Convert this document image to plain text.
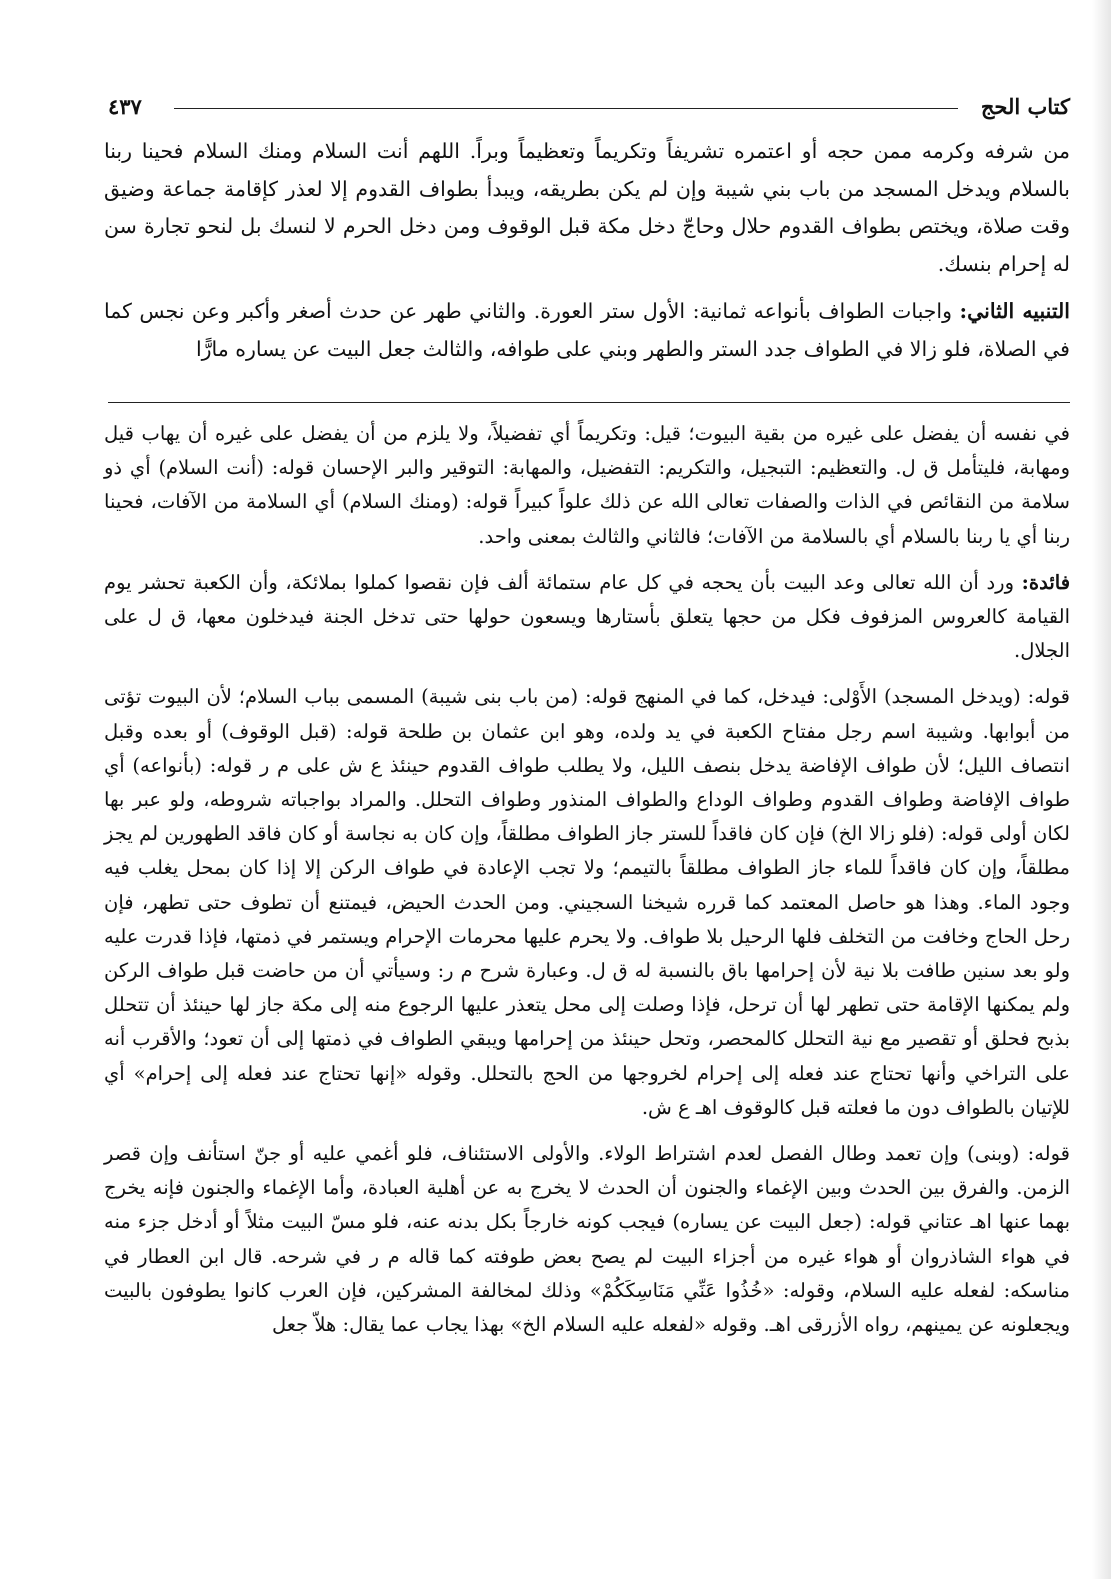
كتاب الحج
٤٣٧

من شرفه وكرمه ممن حجه أو اعتمره تشريفاً وتكريماً وتعظيماً وبراً. اللهم أنت السلام ومنك السلام فحينا ربنا بالسلام ويدخل المسجد من باب بني شيبة وإن لم يكن بطريقه، ويبدأ بطواف القدوم إلا لعذر كإقامة جماعة وضيق وقت صلاة، ويختص بطواف القدوم حلال وحاجّ دخل مكة قبل الوقوف ومن دخل الحرم لا لنسك بل لنحو تجارة سن له إحرام بنسك.

التنبيه الثاني: واجبات الطواف بأنواعه ثمانية: الأول ستر العورة. والثاني طهر عن حدث أصغر وأكبر وعن نجس كما في الصلاة، فلو زالا في الطواف جدد الستر والطهر وبني على طوافه، والثالث جعل البيت عن يساره مارًّا

في نفسه أن يفضل على غيره من بقية البيوت؛ قيل: وتكريماً أي تفضيلاً، ولا يلزم من أن يفضل على غيره أن يهاب قيل ومهابة، فليتأمل ق ل. والتعظيم: التبجيل، والتكريم: التفضيل، والمهابة: التوقير والبر الإحسان قوله: (أنت السلام) أي ذو سلامة من النقائص في الذات والصفات تعالى الله عن ذلك علواً كبيراً قوله: (ومنك السلام) أي السلامة من الآفات، فحينا ربنا أي يا ربنا بالسلام أي بالسلامة من الآفات؛ فالثاني والثالث بمعنى واحد.

فائدة: ورد أن الله تعالى وعد البيت بأن يحجه في كل عام ستمائة ألف فإن نقصوا كملوا بملائكة، وأن الكعبة تحشر يوم القيامة كالعروس المزفوف فكل من حجها يتعلق بأستارها ويسعون حولها حتى تدخل الجنة فيدخلون معها، ق ل على الجلال.

قوله: (ويدخل المسجد) الأَوْلى: فيدخل، كما في المنهج قوله: (من باب بنى شيبة) المسمى بباب السلام؛ لأن البيوت تؤتى من أبوابها. وشيبة اسم رجل مفتاح الكعبة في يد ولده، وهو ابن عثمان بن طلحة قوله: (قبل الوقوف) أو بعده وقبل انتصاف الليل؛ لأن طواف الإفاضة يدخل بنصف الليل، ولا يطلب طواف القدوم حينئذ ع ش على م ر قوله: (بأنواعه) أي طواف الإفاضة وطواف القدوم وطواف الوداع والطواف المنذور وطواف التحلل. والمراد بواجباته شروطه، ولو عبر بها لكان أولى قوله: (فلو زالا الخ) فإن كان فاقداً للستر جاز الطواف مطلقاً، وإن كان به نجاسة أو كان فاقد الطهورين لم يجز مطلقاً، وإن كان فاقداً للماء جاز الطواف مطلقاً بالتيمم؛ ولا تجب الإعادة في طواف الركن إلا إذا كان بمحل يغلب فيه وجود الماء. وهذا هو حاصل المعتمد كما قرره شيخنا السجيني. ومن الحدث الحيض، فيمتنع أن تطوف حتى تطهر، فإن رحل الحاج وخافت من التخلف فلها الرحيل بلا طواف. ولا يحرم عليها محرمات الإحرام ويستمر في ذمتها، فإذا قدرت عليه ولو بعد سنين طافت بلا نية لأن إحرامها باق بالنسبة له ق ل. وعبارة شرح م ر: وسيأتي أن من حاضت قبل طواف الركن ولم يمكنها الإقامة حتى تطهر لها أن ترحل، فإذا وصلت إلى محل يتعذر عليها الرجوع منه إلى مكة جاز لها حينئذ أن تتحلل بذبح فحلق أو تقصير مع نية التحلل كالمحصر، وتحل حينئذ من إحرامها ويبقي الطواف في ذمتها إلى أن تعود؛ والأقرب أنه على التراخي وأنها تحتاج عند فعله إلى إحرام لخروجها من الحج بالتحلل. وقوله «إنها تحتاج عند فعله إلى إحرام» أي للإتيان بالطواف دون ما فعلته قبل كالوقوف اهـ ع ش.

قوله: (وبنى) وإن تعمد وطال الفصل لعدم اشتراط الولاء. والأولى الاستئناف، فلو أغمي عليه أو جنّ استأنف وإن قصر الزمن. والفرق بين الحدث وبين الإغماء والجنون أن الحدث لا يخرج به عن أهلية العبادة، وأما الإغماء والجنون فإنه يخرج بهما عنها اهـ عتاني قوله: (جعل البيت عن يساره) فيجب كونه خارجاً بكل بدنه عنه، فلو مسّ البيت مثلاً أو أدخل جزء منه في هواء الشاذروان أو هواء غيره من أجزاء البيت لم يصح بعض طوفته كما قاله م ر في شرحه. قال ابن العطار في مناسكه: لفعله عليه السلام، وقوله: «خُذُوا عَنِّي مَنَاسِكَكُمْ» وذلك لمخالفة المشركين، فإن العرب كانوا يطوفون بالبيت ويجعلونه عن يمينهم، رواه الأزرقى اهـ. وقوله «لفعله عليه السلام الخ» بهذا يجاب عما يقال: هلاّ جعل
